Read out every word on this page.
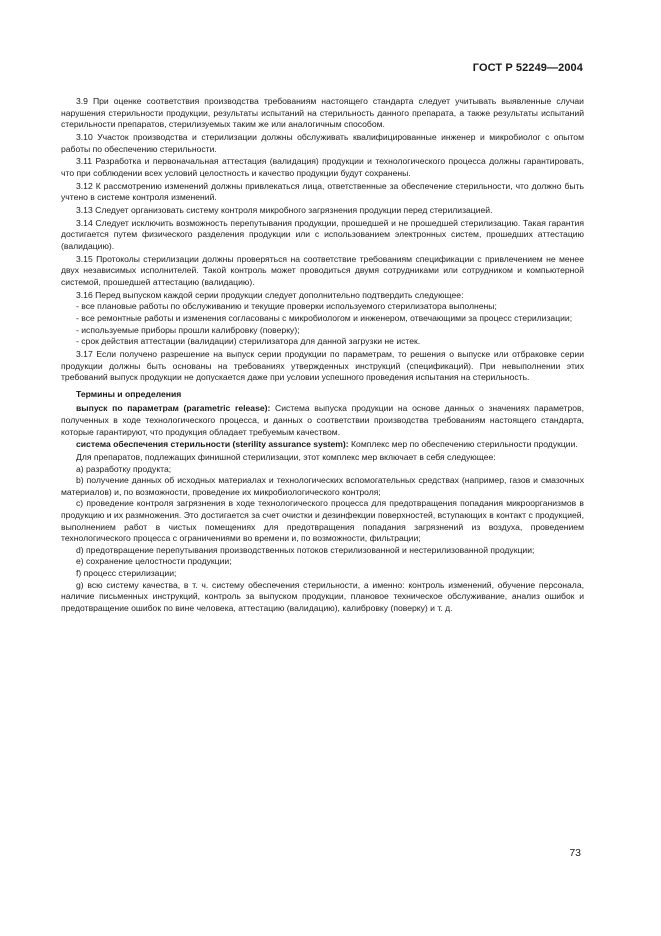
ГОСТ Р 52249—2004

3.9 При оценке соответствия производства требованиям настоящего стандарта следует учитывать выявленные случаи нарушения стерильности продукции, результаты испытаний на стерильность данного препарата, а также результаты испытаний стерильности препаратов, стерилизуемых таким же или аналогичным способом.

3.10 Участок производства и стерилизации должны обслуживать квалифицированные инженер и микробиолог с опытом работы по обеспечению стерильности.

3.11 Разработка и первоначальная аттестация (валидация) продукции и технологического процесса должны гарантировать, что при соблюдении всех условий целостность и качество продукции будут сохранены.

3.12 К рассмотрению изменений должны привлекаться лица, ответственные за обеспечение стерильности, что должно быть учтено в системе контроля изменений.

3.13 Следует организовать систему контроля микробного загрязнения продукции перед стерилизацией.

3.14 Следует исключить возможность перепутывания продукции, прошедшей и не прошедшей стерилизацию. Такая гарантия достигается путем физического разделения продукции или с использованием электронных систем, прошедших аттестацию (валидацию).

3.15 Протоколы стерилизации должны проверяться на соответствие требованиям спецификации с привлечением не менее двух независимых исполнителей. Такой контроль может проводиться двумя сотрудниками или сотрудником и компьютерной системой, прошедшей аттестацию (валидацию).

3.16 Перед выпуском каждой серии продукции следует дополнительно подтвердить следующее:

- все плановые работы по обслуживанию и текущие проверки используемого стерилизатора выполнены;

- все ремонтные работы и изменения согласованы с микробиологом и инженером, отвечающими за процесс стерилизации;

- используемые приборы прошли калибровку (поверку);

- срок действия аттестации (валидации) стерилизатора для данной загрузки не истек.

3.17 Если получено разрешение на выпуск серии продукции по параметрам, то решения о выпуске или отбраковке серии продукции должны быть основаны на требованиях утвержденных инструкций (спецификаций). При невыполнении этих требований выпуск продукции не допускается даже при условии успешного проведения испытания на стерильность.

Термины и определения

выпуск по параметрам (parametric release): Система выпуска продукции на основе данных о значениях параметров, полученных в ходе технологического процесса, и данных о соответствии производства требованиям настоящего стандарта, которые гарантируют, что продукция обладает требуемым качеством.

система обеспечения стерильности (sterility assurance system): Комплекс мер по обеспечению стерильности продукции.

Для препаратов, подлежащих финишной стерилизации, этот комплекс мер включает в себя следующее:

a) разработку продукта;

b) получение данных об исходных материалах и технологических вспомогательных средствах (например, газов и смазочных материалов) и, по возможности, проведение их микробиологического контроля;

c) проведение контроля загрязнения в ходе технологического процесса для предотвращения попадания микроорганизмов в продукцию и их размножения. Это достигается за счет очистки и дезинфекции поверхностей, вступающих в контакт с продукцией, выполнением работ в чистых помещениях для предотвращения попадания загрязнений из воздуха, проведением технологического процесса с ограничениями во времени и, по возможности, фильтрации;

d) предотвращение перепутывания производственных потоков стерилизованной и нестерилизованной продукции;

e) сохранение целостности продукции;

f) процесс стерилизации;

g) всю систему качества, в т. ч. систему обеспечения стерильности, а именно: контроль изменений, обучение персонала, наличие письменных инструкций, контроль за выпуском продукции, плановое техническое обслуживание, анализ ошибок и предотвращение ошибок по вине человека, аттестацию (валидацию), калибровку (поверку) и т. д.

73
